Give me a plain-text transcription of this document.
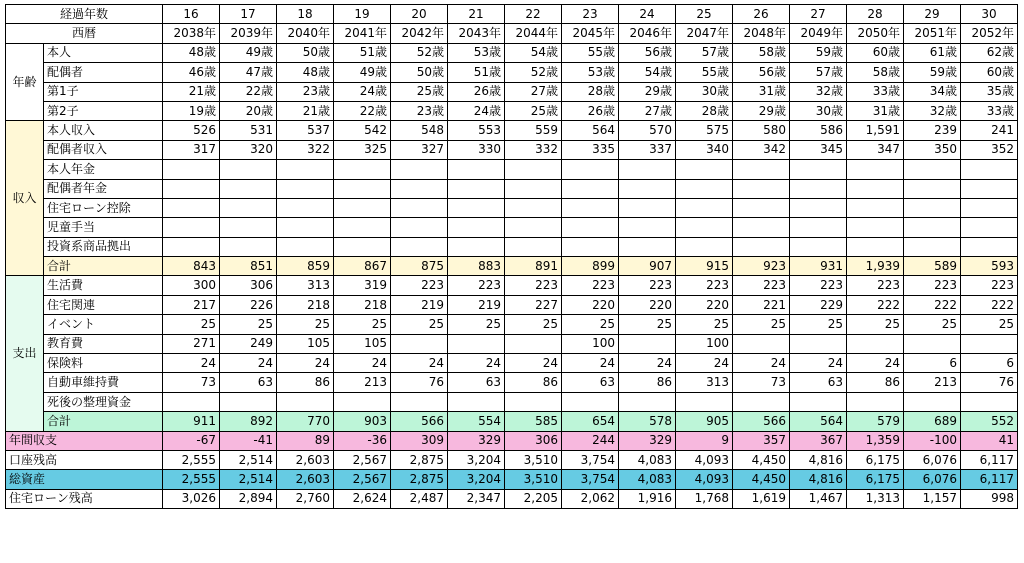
経過年数		16	17	18	19	20	21	22	23	24	25	26	27	28	29	30
西暦		2038年	2039年	2040年	2041年	2042年	2043年	2044年	2045年	2046年	2047年	2048年	2049年	2050年	2051年	2052年
年齢	本人	48歳	49歳	50歳	51歳	52歳	53歳	54歳	55歳	56歳	57歳	58歳	59歳	60歳	61歳	62歳
	配偶者	46歳	47歳	48歳	49歳	50歳	51歳	52歳	53歳	54歳	55歳	56歳	57歳	58歳	59歳	60歳
	第1子	21歳	22歳	23歳	24歳	25歳	26歳	27歳	28歳	29歳	30歳	31歳	32歳	33歳	34歳	35歳
	第2子	19歳	20歳	21歳	22歳	23歳	24歳	25歳	26歳	27歳	28歳	29歳	30歳	31歳	32歳	33歳
収入	本人収入	526	531	537	542	548	553	559	564	570	575	580	586	1,591	239	241
	配偶者収入	317	320	322	325	327	330	332	335	337	340	342	345	347	350	352
	本人年金															
	配偶者年金															
	住宅ローン控除															
	児童手当															
	投資系商品拠出															
	合計	843	851	859	867	875	883	891	899	907	915	923	931	1,939	589	593
支出	生活費	300	306	313	319	223	223	223	223	223	223	223	223	223	223	223
	住宅関連	217	226	218	218	219	219	227	220	220	220	221	229	222	222	222
	イベント	25	25	25	25	25	25	25	25	25	25	25	25	25	25	25
	教育費	271	249	105	105				100		100					
	保険料	24	24	24	24	24	24	24	24	24	24	24	24	24	6	6
	自動車維持費	73	63	86	213	76	63	86	63	86	313	73	63	86	213	76
	死後の整理資金															
	合計	911	892	770	903	566	554	585	654	578	905	566	564	579	689	552
年間収支		-67	-41	89	-36	309	329	306	244	329	9	357	367	1,359	-100	41
口座残高		2,555	2,514	2,603	2,567	2,875	3,204	3,510	3,754	4,083	4,093	4,450	4,816	6,175	6,076	6,117
総資産		2,555	2,514	2,603	2,567	2,875	3,204	3,510	3,754	4,083	4,093	4,450	4,816	6,175	6,076	6,117
住宅ローン残高		3,026	2,894	2,760	2,624	2,487	2,347	2,205	2,062	1,916	1,768	1,619	1,467	1,313	1,157	998
